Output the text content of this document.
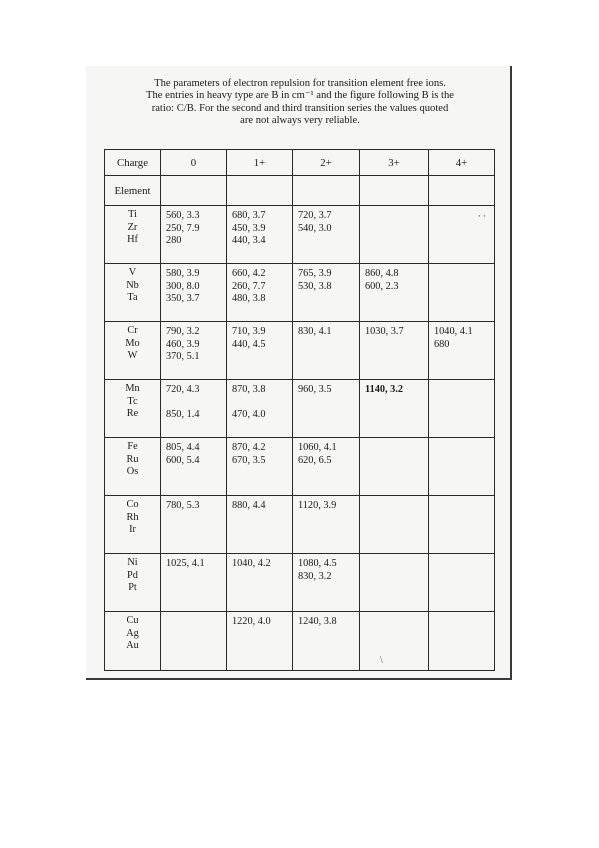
The parameters of electron repulsion for transition element free ions.

The entries in heavy type are B in cm⁻¹ and the figure following B is the

ratio: C/B. For the second and third transition series the values quoted

are not always very reliable.

Charge	0	1+	2+	3+	4+
Element					

Ti
Zr
Hf	560, 3.3
250, 7.9
280	680, 3.7
450, 3.9
440, 3.4	720, 3.7
540, 3.0		· ·

V
Nb
Ta	580, 3.9
300, 8.0
350, 3.7	660, 4.2
260, 7.7
480, 3.8	765, 3.9
530, 3.8	860, 4.8
600, 2.3	

Cr
Mo
W	790, 3.2
460, 3.9
370, 5.1	710, 3.9
440, 4.5	830, 4.1	1030, 3.7	1040, 4.1
680

Mn
Tc
Re	720, 4.3
850, 1.4	870, 3.8
470, 4.0	960, 3.5	1140, 3.2	

Fe
Ru
Os	805, 4.4
600, 5.4	870, 4.2
670, 3.5	1060, 4.1
620, 6.5		

Co
Rh
Ir	780, 5.3	880, 4.4	1120, 3.9		

Ni
Pd
Pt	1025, 4.1	1040, 4.2	1080, 4.5
830, 3.2		

Cu
Ag
Au		1220, 4.0	1240, 3.8		

\
